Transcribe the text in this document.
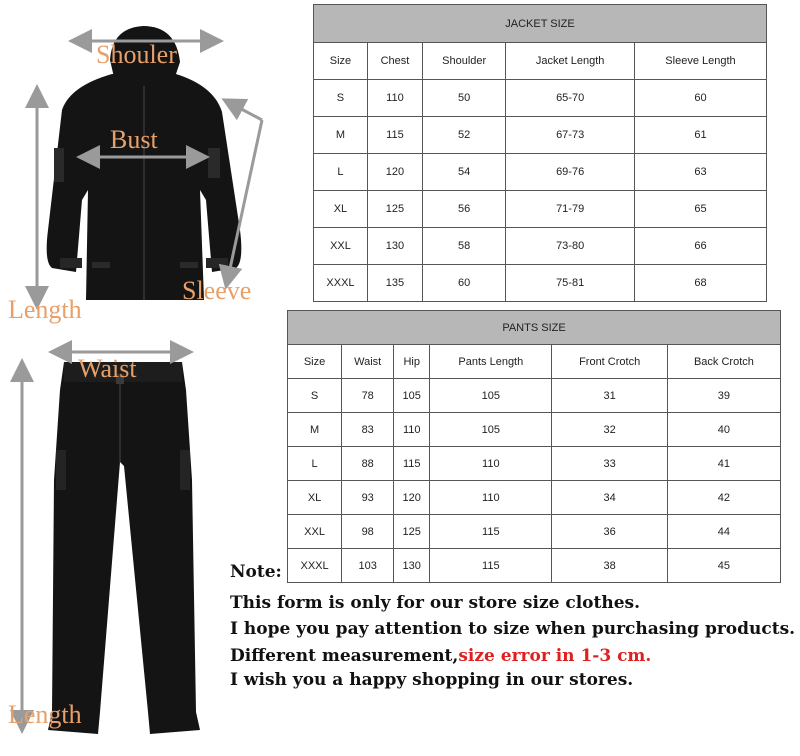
Shouler
Bust
Sleeve
Length
Waist
Length
JACKET SIZE				
Size	Chest	Shoulder	Jacket Length	Sleeve Length
S	110	50	65-70	60
M	115	52	67-73	61
L	120	54	69-76	63
XL	125	56	71-79	65
XXL	130	58	73-80	66
XXXL	135	60	75-81	68
PANTS SIZE					
Size	Waist	Hip	Pants Length	Front Crotch	Back Crotch
S	78	105	105	31	39
M	83	110	105	32	40
L	88	115	110	33	41
XL	93	120	110	34	42
XXL	98	125	115	36	44
XXXL	103	130	115	38	45
Note:
This form is only for our store size clothes.
I hope you pay attention to size when purchasing products.
Different measurement,size error in 1-3 cm.
I wish you a happy shopping in our stores.
